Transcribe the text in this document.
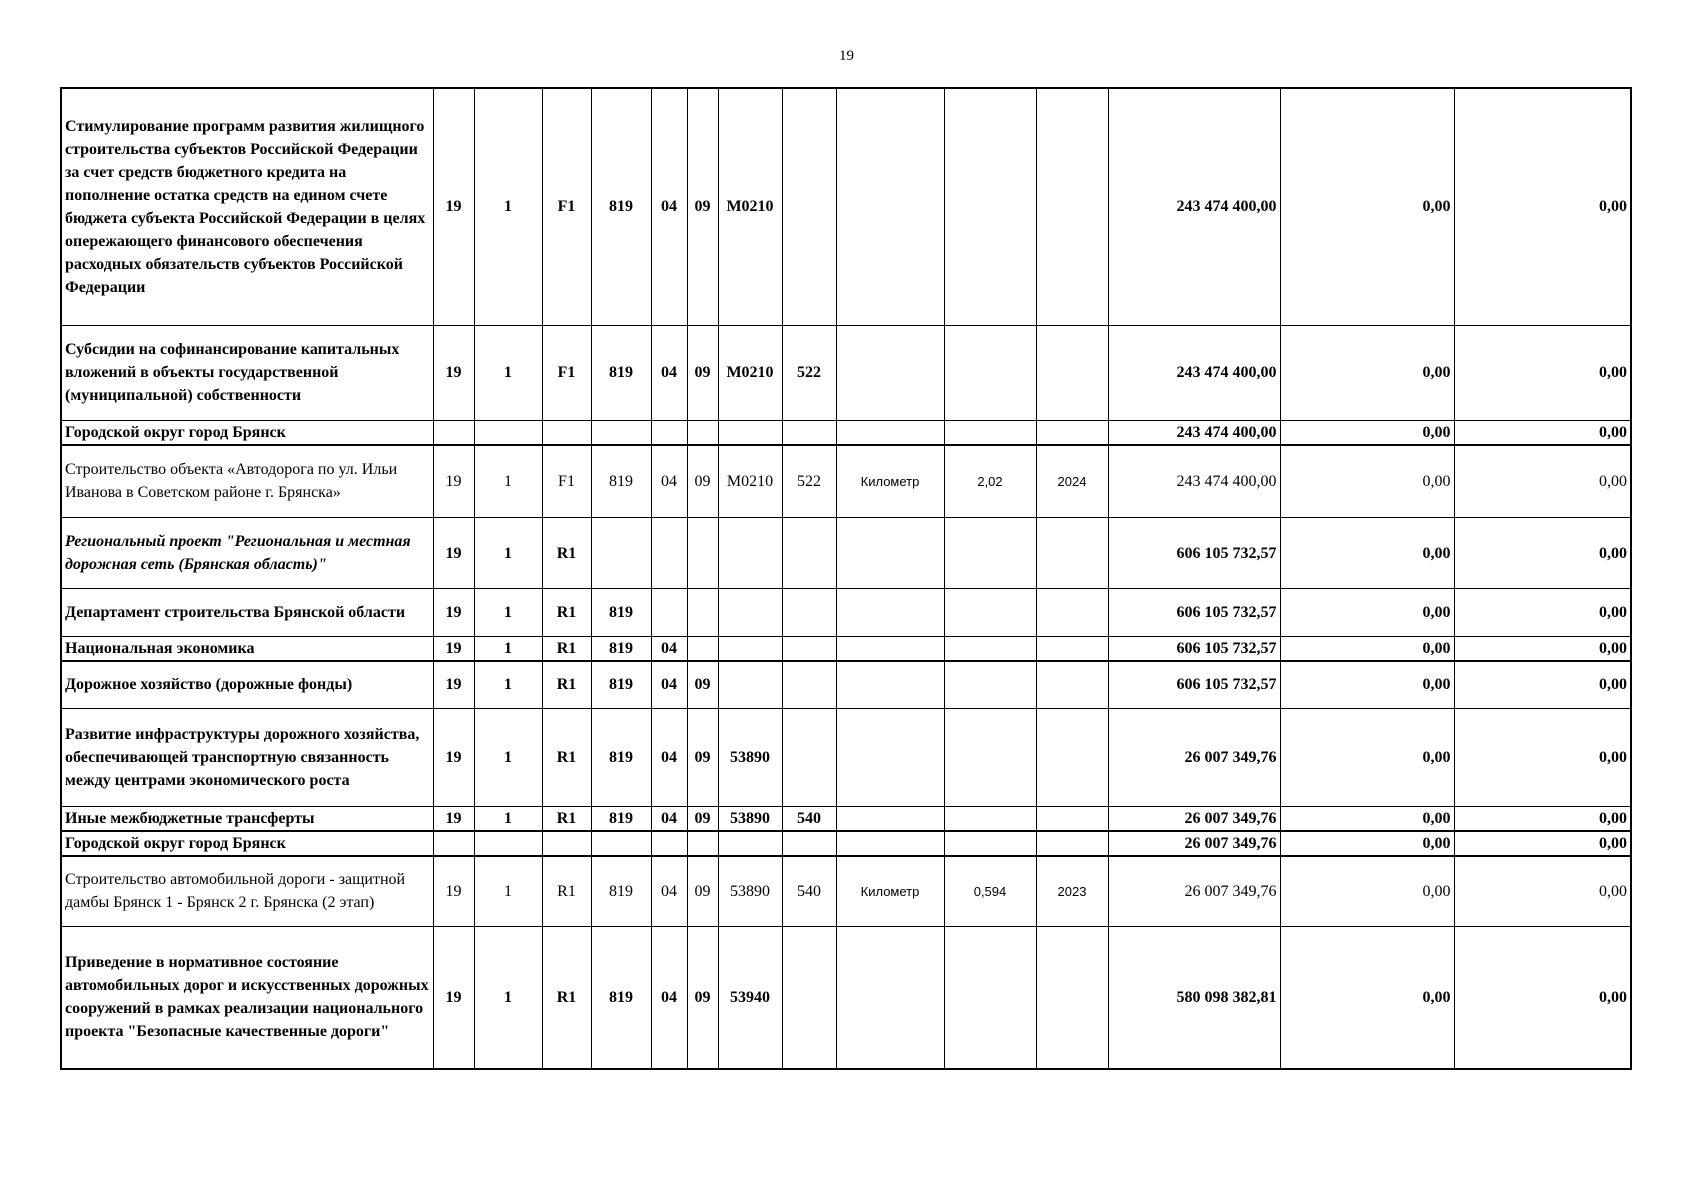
19
Стимулирование программ развития жилищного строительства субъектов Российской Федерации за счет средств бюджетного кредита на пополнение остатка средств на едином счете бюджета субъекта Российской Федерации в целях опережающего финансового обеспечения расходных обязательств субъектов Российской Федерации	19	1	F1	819	04	09	М0210					243 474 400,00	0,00	0,00
Субсидии на софинансирование капитальных вложений в объекты государственной (муниципальной) собственности	19	1	F1	819	04	09	М0210	522				243 474 400,00	0,00	0,00
Городской округ город Брянск												243 474 400,00	0,00	0,00
Строительство объекта «Автодорога по ул. Ильи Иванова в Советском районе г. Брянска»	19	1	F1	819	04	09	М0210	522	Километр	2,02	2024	243 474 400,00	0,00	0,00
Региональный проект "Региональная и местная дорожная сеть (Брянская область)"	19	1	R1									606 105 732,57	0,00	0,00
Департамент строительства Брянской области	19	1	R1	819								606 105 732,57	0,00	0,00
Национальная экономика	19	1	R1	819	04							606 105 732,57	0,00	0,00
Дорожное хозяйство (дорожные фонды)	19	1	R1	819	04	09						606 105 732,57	0,00	0,00
Развитие инфраструктуры дорожного хозяйства, обеспечивающей транспортную связанность между центрами экономического роста	19	1	R1	819	04	09	53890					26 007 349,76	0,00	0,00
Иные межбюджетные трансферты	19	1	R1	819	04	09	53890	540				26 007 349,76	0,00	0,00
Городской округ город Брянск												26 007 349,76	0,00	0,00
Строительство автомобильной дороги - защитной дамбы Брянск 1 - Брянск 2 г. Брянска (2 этап)	19	1	R1	819	04	09	53890	540	Километр	0,594	2023	26 007 349,76	0,00	0,00
Приведение в нормативное состояние автомобильных дорог и искусственных дорожных сооружений в рамках реализации национального проекта "Безопасные качественные дороги"	19	1	R1	819	04	09	53940					580 098 382,81	0,00	0,00
